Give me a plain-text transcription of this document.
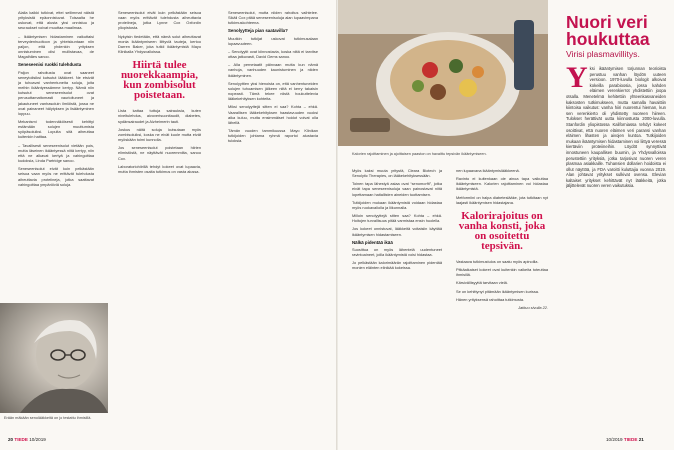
Alalla kaikki tutkivat, ettei seilimmat näistä yrityksistä epäonnistuvat. Toisaalta he uskovat, että alusta yksi onnistuu ja seuraukset voivat muuttaa maailmaa.

– Ikääntymisen hidastaminen vaikuttaisi terveydenhuoltoon ja yhteiskuntaan niin paljon, että yhdenkin yrityksen onnistuminen olisi mullistavaa, de Magalhães sanoo.

Seneseenisi ruokki tulehdusta

Paljon rahoitusta ovat saaneet seneytolisiksi kutsutut lääkkeet. Ne etsivät ja tuhoavat vanhentuneita soluja, joita meihin ikääntyessämme kertyy. Nämä niin kutsutut seneseenisolut ovat perusuttamattomasti vaurioituneet ja jakautuneet vanhasoluin ilmiöistä, jossa ne ovat painaneet hälytyksen ja lisääntyminen loppuu.

Mekanismi todennäköisesti kehittyi estämään solujen muuttumista syöpäsoluiksi. Lopulta sitä aiheuttaa kuitenkin haittaa.

– Tavallisesti seneseenisolut vietään pois, mutta iäseinen ikääntyessä niitä kertyy, niin että ne alkavat kertyä ja vahingoittaa kudoksia, Linda Partridge sanoo.

Seneseenisolut eivät kuin pelkästään seisoa vaan myös ne erittävät tulehdusta aiheuttavia proteiineja, jotka saattavat vahingoittaa ympäröiviä soluja.

Seneseenisolut eivät kuin pelkästään seisoa vaan myös erittävät tulehdusta aiheuttavia proteiineja, jotka Lynne Cox Oxfordin yliopistosta.

Nykyisin tiedetään, että nämä solut aiheuttavat monia ikääntymiseen liittyviä tauteja, kertoo Darren Baker, joka tutkii ikääntymistä Mayo Klinikalla Yhdysvalloissa.

Hiirtä tulee nuorekkaampia, kun zombisolut poistetaan.

Lista kattaa tuttuja sairauksia, kuten niveltulehdus, aivoverisuonitaudit, diabetes, sydänsairaudet ja Alzheimerin tauti.

Joskus näitä soluja kutsutaan myös zombisoluiksi, koska ne eivät kuole mutta eivät myöskään toimi kunnolla.

Jos seneseenisolut poistetaan hiirien elimistöstä, ne näyttävät nuoremmilta, sanoo Cox.

Laboratoriohiirillä tehdyt kokeet ovat lupaavia, mutta ihmisten osalta tutkimus on vasta alussa.

Seneseenisolut, mutta niiden rahoitus vaihtelee. Sikäli Cox pitää seneseenisoluja alan lupaavimpana tutkimuskohteena.

Senolyytteja pian saatavilla?

Muutkin tutkijat uskovat tutkimusalaan lupaavuuteen.

– Senolyytit ovat kiinnostavia, koska niitä ei tarvitse ottaa jatkuvasti, David Gems sanoo.

– Alla pernetaatit päinvaan mutta kun nämä vanhoja, vanhuuden kaunistuminen ja niiden ikääntyminen.

Senolyyttien yksi hienoista on, että vanhentuneiden solujen tuhoamisen jälkeen niitä ei kerry takaisin nopeasti. Tämä tekee niistä houkuttelevia lääkekehityksen kohteita.

Miksi senolyyttejä sitten ei saa? Kohta – ehkä. Vaarallisen lääkekehityksen haastavuuden vuoksi aika kuluu, mutta ensimmäiset hoidot voivat olla lähellä.

Tämän vuoden tammikuussa Mayo Klinikan tutkijoiden johtama ryhmä raportoi alustavia tuloksia.

Erään mäkään senolääkkeitä on jo testattu ihmisillä.
20 TIEDE 10/2019
Kalorien rajoittaminen ja ajoittaisen paaston on havaittu tepsivän ikääntymiseen.

Myös kaksi muuta yritystä, Cleara Biotech ja Senolytic Therapies, on lääkekehityksessään.

Toinen tapa lähestyä asiaa ovat “senomorfit”, jotka eivät tapa seneseenisoluja vaan painostavat niitä lopettamaan haitallisten aineiden tuottamisen.

Tutkijoiden mukaan ikääntymistä voidaan hidastaa myös ruokavaliolla ja liikunnalla.

Milloin senolyyttejä sitten saa? Kohta – ehkä. Hoitojen turvallisuus pitää varmistaa ensin huolella.

Jos kokeet onnistuvat, lääkkeitä voitaisiin käyttää ikääntymisen hidastamiseen.

Nälkä pidentää ikää

Suosittua on myös lähentelä uudentuneet ravintoaineet, joilla ikääntymistä voisi hidastaa.

Jo pelkästään kalorimäärän rajoittaminen pidentää monien eläinten elinikää kokeissa.

nen lupaavana ikääntymislääkkeenä.

Ravinto ei kuitenkaan ole ainoa tapa vaikuttaa ikääntymiseen. Kalorien rajoittaminen voi hidastaa ikääntymistä.

Metformiini on halpa diabeteslääke, jota tutkitaan nyt laajasti ikääntymisen hidastajana.

Kalorirajoitus on vanha konsti, joka on osoitettu tepsivän.

Vastaava tutkimustulos on saatu myös apinoilla.

Pitkäaikaiset kokeet ovat kuitenkin vaikeita toteuttaa ihmisillä.

Kärsivällisyyttä tarvitaan vielä.

Se on kehittynyt pitämään ikääntymisen kurissa.

Hänen yrityksensä rahoittaa tutkimusta.

Jatkuu sivulla 22.
Nuori veri houkuttaa
Virisi plasmavillitys.
Y ksi ikääntymisen torjunnan teorioista perustuu vanhan löydön uuteen versioon. 1970-luvulla biologit alkoivat kokeilla parabioosia, jossa kahden eläimen verenkierrot yhdistettiin joopa otsalla. Menetelmä kehitettiin yhteenkasvaneiden kaksosten tutkimukseen, mutta samalla havaittiin kiintoisa vaikutus: vanha hiiri nuorentui hieman, kun sen verenkierto oli yhdistetty nuoreen hiireen. Tulokset herättivät uutta kiinnostusta 2000-luvulla. Stanfordin yliopistossa Kaliforniassa tehdyt kokeet osoittivat, että nuoren eläimen veri paransi vanhan eläimen lihasten ja aivojen kuntoa. Tutkijoiden mukaan ikääntymisen hidastaminen voi liittyä veressä kiertäviin proteiineihin. Löydöt synnyttivät innostuneen kaupallisen buumin, ja Yhdysvalloissa perustettiin yrityksiä, jotka tarjosivat nuoren veren plasmaa asiakkaille. Tuhansien dollarien hoidoista ei ollut näyttöä, ja FDA varoitti kuluttajia vuonna 2019. Alan johtavat yritykset sulkivat ovensa. Elevian kaltaiset yritykset kehittävät nyt lääkkeitä, jotka jäljittelevät nuoren veren vaikutuksia.
10/2019 TIEDE 21
